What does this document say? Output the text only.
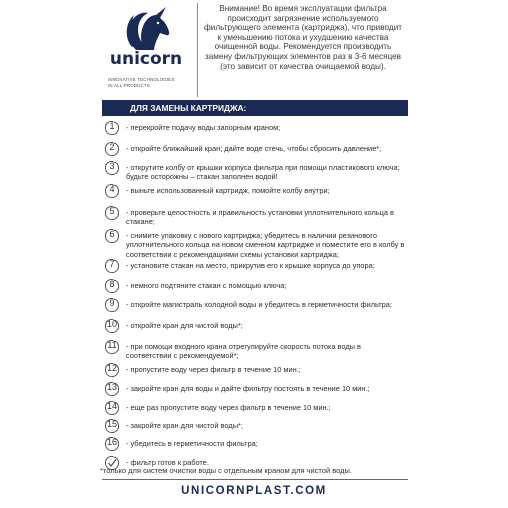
unicorn
INNOVATIVE TECHNOLOGIES
IN ALL PRODUCTS
Внимание! Во время эксплуатации фильтра происходит загрязнение используемого фильтрующего элемента (картриджа), что приводит к уменьшению потока и ухудшению качества очищенной воды. Рекомендуется производить замену фильтрующих элементов раз в 3-6 месяцев (это зависит от качества очищаемой воды).
ДЛЯ ЗАМЕНЫ КАРТРИДЖА:
1	- перекройте подачу воды запорным краном;
2	- откройте ближайший кран; дайте воде стечь, чтобы сбросить давление*;
3	- открутите колбу от крышки корпуса фильтра при помощи пластикового ключа; будьте осторожны – стакан заполнен водой!
4	- выньте использованный картридж, помойте колбу внутри;
5	- проверьте целостность и правильность установки уплотнительного кольца в стакане;
6	- снимите упаковку с нового картриджа; убедитесь в наличии резинового уплотнительного кольца на новом сменном картридже и поместите его в колбу в соответствии с рекомендациями схемы установки картриджа;
7	- установите стакан на место, прикрутив его к крышке корпуса до упора;
8	- немного подтяните стакан с помощью ключа;
9	- откройте магистраль холодной воды и убедитесь в герметичности фильтра;
10	- откройте кран для чистой воды*;
11	- при помощи входного крана отрегулируйте скорость потока воды в соответствии с рекомендуемой*;
12	- пропустите воду через фильтр в течение 10 мин.;
13	- закройте кран для воды и дайте фильтру постоять в течение 10 мин.;
14	- еще раз пропустите воду через фильтр в течение 10 мин.;
15	- закройте кран для чистой воды*;
16	- убедитесь в герметичности фильтра;
- фильтр готов к работе.
*только для систем очистки воды с отдельным краном для чистой воды.
UNICORNPLAST.COM
